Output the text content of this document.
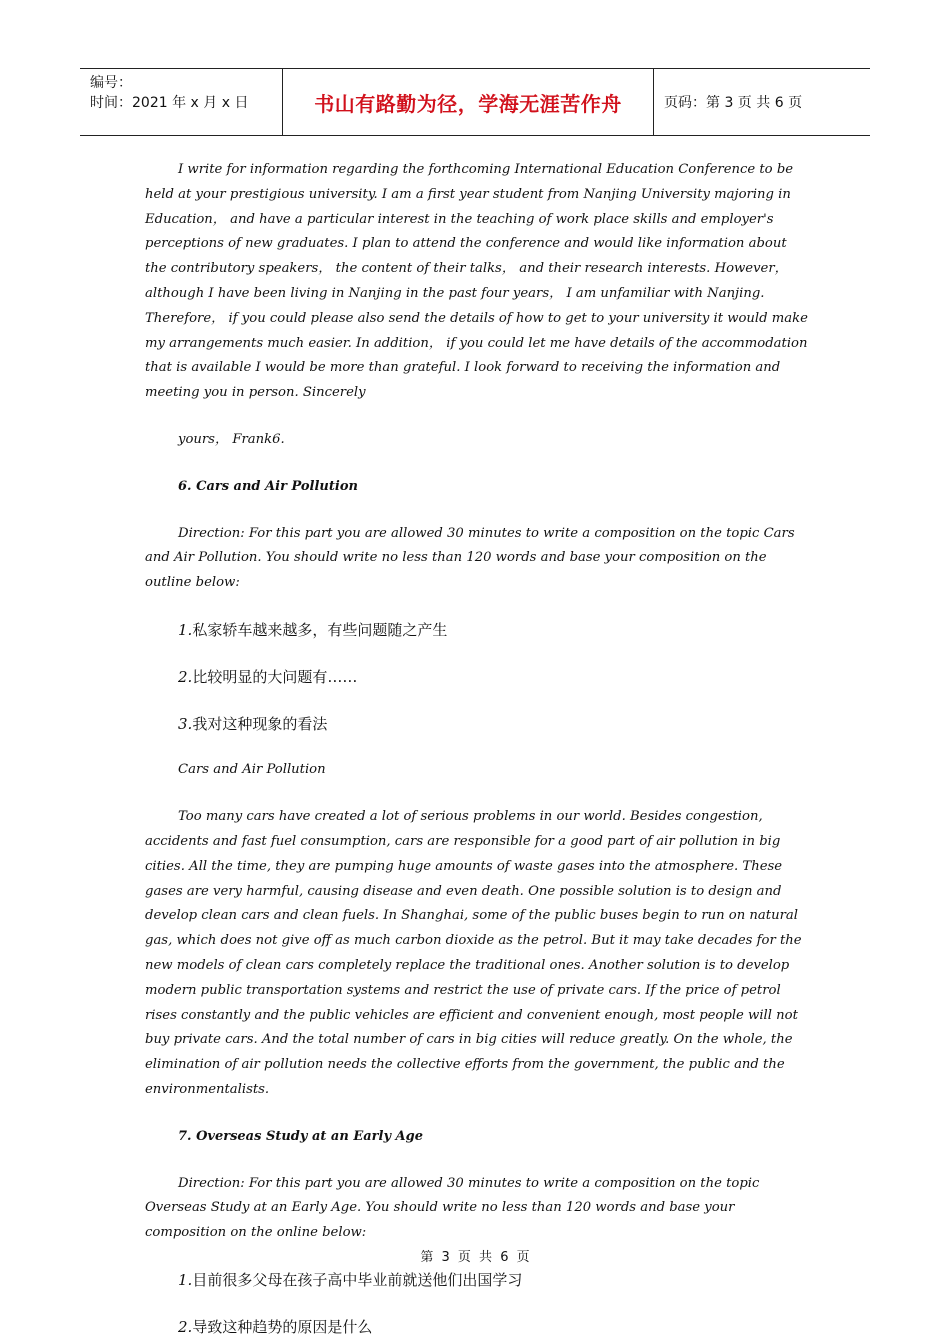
编号：
时间：2021 年 x 月 x 日	书山有路勤为径，学海无涯苦作舟	页码：第 3 页 共 6 页

I write for information regarding the forthcoming International Education Conference to be held at your prestigious university. I am a first year student from Nanjing University majoring in Education， and have a particular interest in the teaching of work place skills and employer's perceptions of new graduates. I plan to attend the conference and would like information about the contributory speakers， the content of their talks， and their research interests. However， although I have been living in Nanjing in the past four years， I am unfamiliar with Nanjing. Therefore， if you could please also send the details of how to get to your university it would make my arrangements much easier. In addition， if you could let me have details of the accommodation that is available I would be more than grateful. I look forward to receiving the information and meeting you in person. Sincerely

yours， Frank6.

6. Cars and Air Pollution

Direction: For this part you are allowed 30 minutes to write a composition on the topic Cars and Air Pollution. You should write no less than 120 words and base your composition on the outline below:

1.私家轿车越来越多，有些问题随之产生

2.比较明显的大问题有……

3.我对这种现象的看法

Cars and Air Pollution

Too many cars have created a lot of serious problems in our world. Besides congestion, accidents and fast fuel consumption, cars are responsible for a good part of air pollution in big cities. All the time, they are pumping huge amounts of waste gases into the atmosphere. These gases are very harmful, causing disease and even death. One possible solution is to design and develop clean cars and clean fuels. In Shanghai, some of the public buses begin to run on natural gas, which does not give off as much carbon dioxide as the petrol. But it may take decades for the new models of clean cars completely replace the traditional ones. Another solution is to develop modern public transportation systems and restrict the use of private cars. If the price of petrol rises constantly and the public vehicles are efficient and convenient enough, most people will not buy private cars. And the total number of cars in big cities will reduce greatly. On the whole, the elimination of air pollution needs the collective efforts from the government, the public and the environmentalists.

7. Overseas Study at an Early Age

Direction: For this part you are allowed 30 minutes to write a composition on the topic Overseas Study at an Early Age. You should write no less than 120 words and base your composition on the online below:

1.目前很多父母在孩子高中毕业前就送他们出国学习

2.导致这种趋势的原因是什么

第 3 页 共 6 页
